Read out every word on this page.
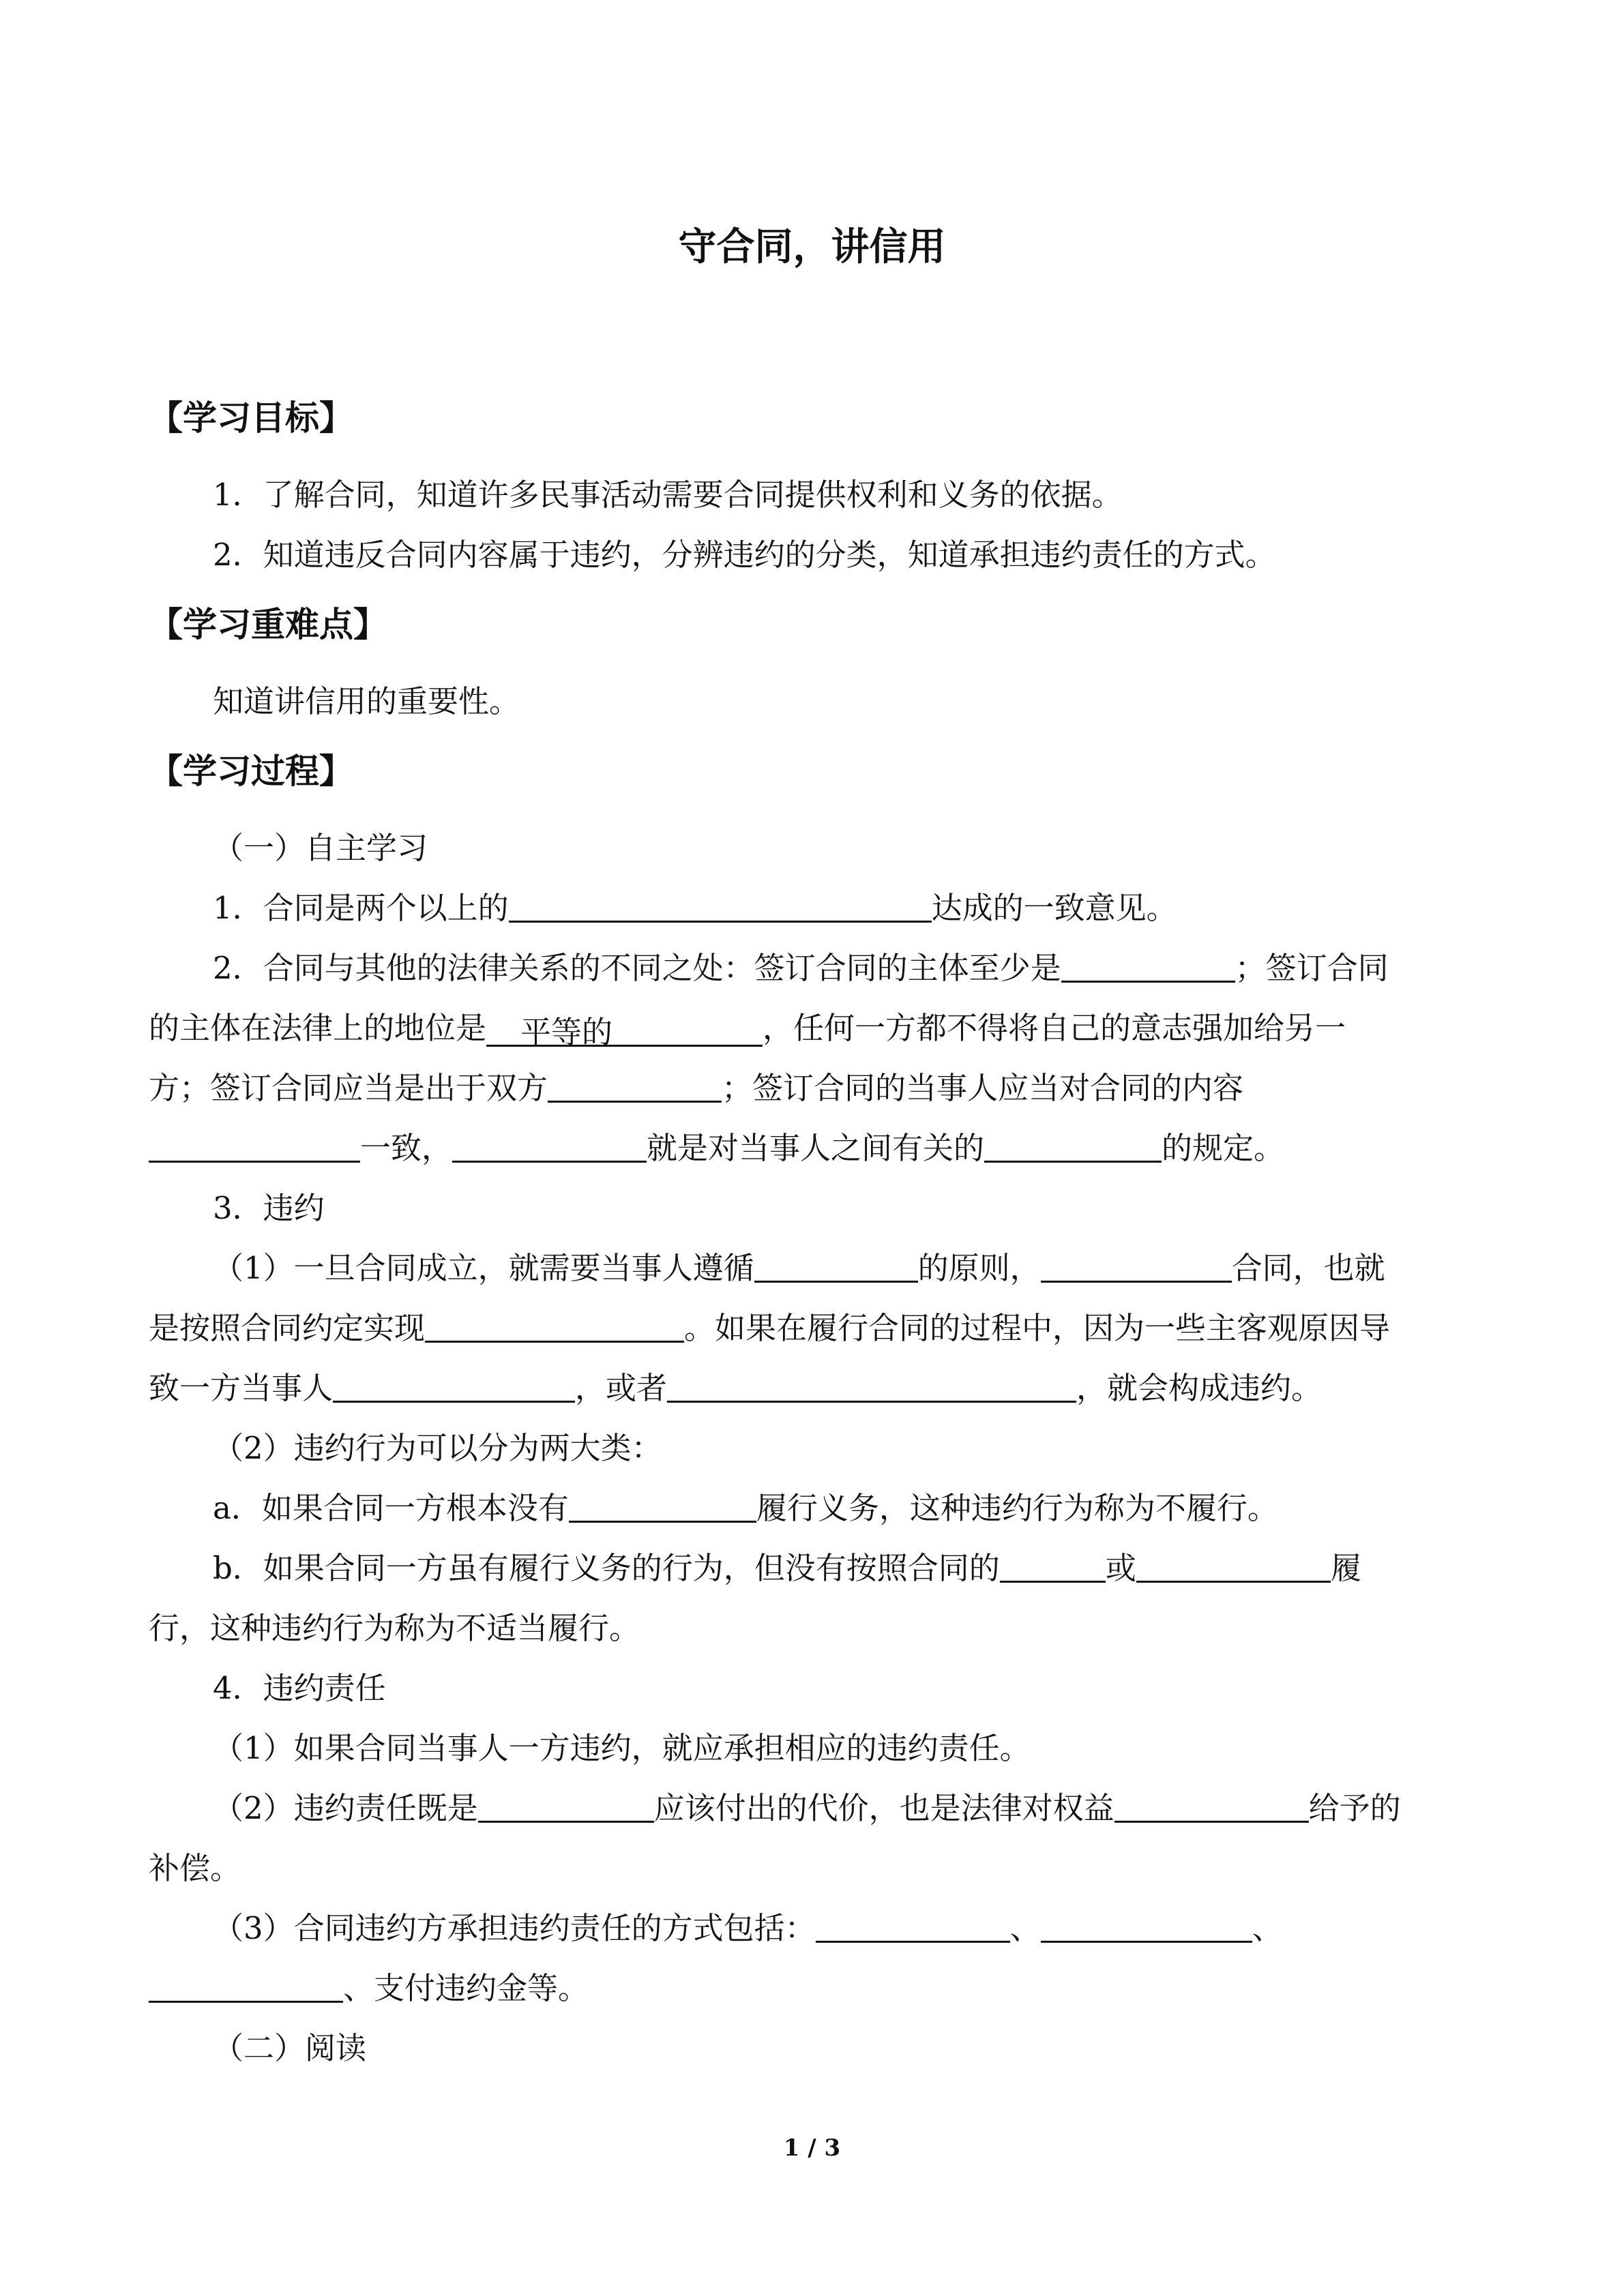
守合同，讲信用
【学习目标】
1．了解合同，知道许多民事活动需要合同提供权利和义务的依据。
2．知道违反合同内容属于违约，分辨违约的分类，知道承担违约责任的方式。
【学习重难点】
知道讲信用的重要性。
【学习过程】
（一）自主学习
1．合同是两个以上的	达成的一致意见。
2．合同与其他的法律关系的不同之处：签订合同的主体至少是	；签订合同
的主体在法律上的地位是 平等的	，任何一方都不得将自己的意志强加给另一
方；签订合同应当是出于双方	；签订合同的当事人应当对合同的内容
一致，	就是对当事人之间有关的	的规定。
3．违约
（1）一旦合同成立，就需要当事人遵循	的原则，	合同，也就
是按照合同约定实现	。如果在履行合同的过程中，因为一些主客观原因导
致一方当事人	，或者	，就会构成违约。
（2）违约行为可以分为两大类：
a．如果合同一方根本没有	履行义务，这种违约行为称为不履行。
b．如果合同一方虽有履行义务的行为，但没有按照合同的	或	履
行，这种违约行为称为不适当履行。
4．违约责任
（1）如果合同当事人一方违约，就应承担相应的违约责任。
（2）违约责任既是	应该付出的代价，也是法律对权益	给予的
补偿。
（3）合同违约方承担违约责任的方式包括：	、	、
、支付违约金等。
（二）阅读
1 / 3
